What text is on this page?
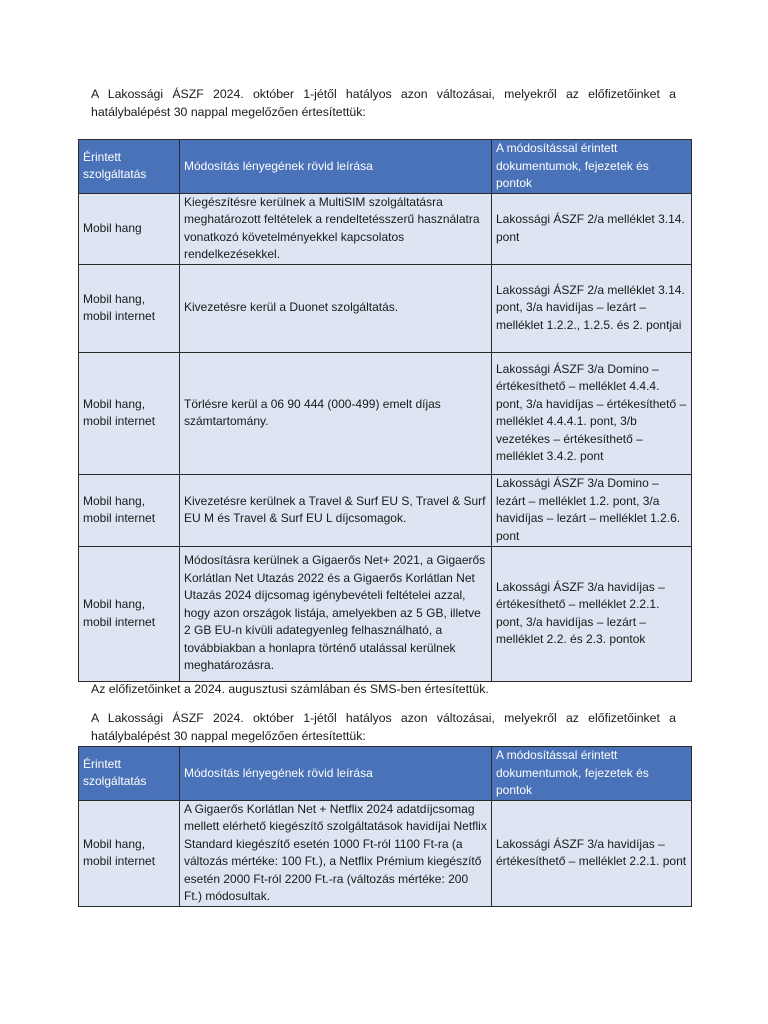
A Lakossági ÁSZF 2024. október 1-jétől hatályos azon változásai, melyekről az előfizetőinket a hatálybalépést 30 nappal megelőzően értesítettük:

Érintett szolgáltatás	Módosítás lényegének rövid leírása	A módosítással érintett dokumentumok, fejezetek és pontok
Mobil hang	Kiegészítésre kerülnek a MultiSIM szolgáltatásra meghatározott feltételek a rendeltetésszerű használatra vonatkozó követelményekkel kapcsolatos rendelkezésekkel.	Lakossági ÁSZF 2/a melléklet 3.14. pont
Mobil hang, mobil internet	Kivezetésre kerül a Duonet szolgáltatás.	Lakossági ÁSZF 2/a melléklet 3.14. pont, 3/a havidíjas – lezárt – melléklet 1.2.2., 1.2.5. és 2. pontjai
Mobil hang, mobil internet	Törlésre kerül a 06 90 444 (000-499) emelt díjas számtartomány.	Lakossági ÁSZF 3/a Domino – értékesíthető – melléklet 4.4.4. pont, 3/a havidíjas – értékesíthető – melléklet 4.4.4.1. pont, 3/b vezetékes – értékesíthető – melléklet 3.4.2. pont
Mobil hang, mobil internet	Kivezetésre kerülnek a Travel & Surf EU S, Travel & Surf EU M és Travel & Surf EU L díjcsomagok.	Lakossági ÁSZF 3/a Domino – lezárt – melléklet 1.2. pont, 3/a havidíjas – lezárt – melléklet 1.2.6. pont
Mobil hang, mobil internet	Módosításra kerülnek a Gigaerős Net+ 2021, a Gigaerős Korlátlan Net Utazás 2022 és a Gigaerős Korlátlan Net Utazás 2024 díjcsomag igénybevételi feltételei azzal, hogy azon országok listája, amelyekben az 5 GB, illetve 2 GB EU-n kívüli adategyenleg felhasználható, a továbbiakban a honlapra történő utalással kerülnek meghatározásra.	Lakossági ÁSZF 3/a havidíjas – értékesíthető – melléklet 2.2.1. pont, 3/a havidíjas – lezárt – melléklet 2.2. és 2.3. pontok

Az előfizetőinket a 2024. augusztusi számlában és SMS-ben értesítettük.

A Lakossági ÁSZF 2024. október 1-jétől hatályos azon változásai, melyekről az előfizetőinket a hatálybalépést 30 nappal megelőzően értesítettük:

Érintett szolgáltatás	Módosítás lényegének rövid leírása	A módosítással érintett dokumentumok, fejezetek és pontok
Mobil hang, mobil internet	A Gigaerős Korlátlan Net + Netflix 2024 adatdíjcsomag mellett elérhető kiegészítő szolgáltatások havidíjai Netflix Standard kiegészítő esetén 1000 Ft-ról 1100 Ft-ra (a változás mértéke: 100 Ft.), a Netflix Prémium kiegészítő esetén 2000 Ft-ról 2200 Ft.-ra (változás mértéke: 200 Ft.) módosultak.	Lakossági ÁSZF 3/a havidíjas – értékesíthető – melléklet 2.2.1. pont
